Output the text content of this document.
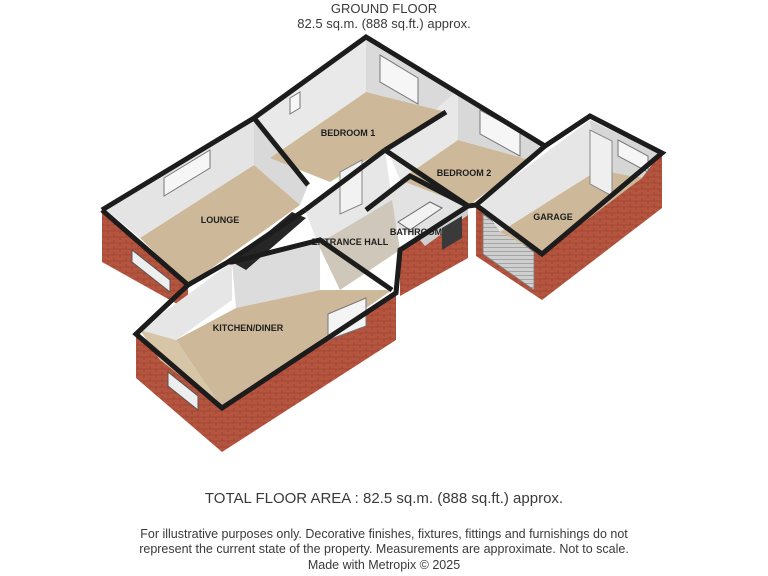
GROUND FLOOR
82.5 sq.m. (888 sq.ft.) approx.
BEDROOM 1
LOUNGE
BEDROOM 2
GARAGE
ENTRANCE HALL
BATHROOM
KITCHEN/DINER
TOTAL FLOOR AREA : 82.5 sq.m. (888 sq.ft.) approx.
For illustrative purposes only. Decorative finishes, fixtures, fittings and furnishings do not
represent the current state of the property. Measurements are approximate. Not to scale.
Made with Metropix © 2025
